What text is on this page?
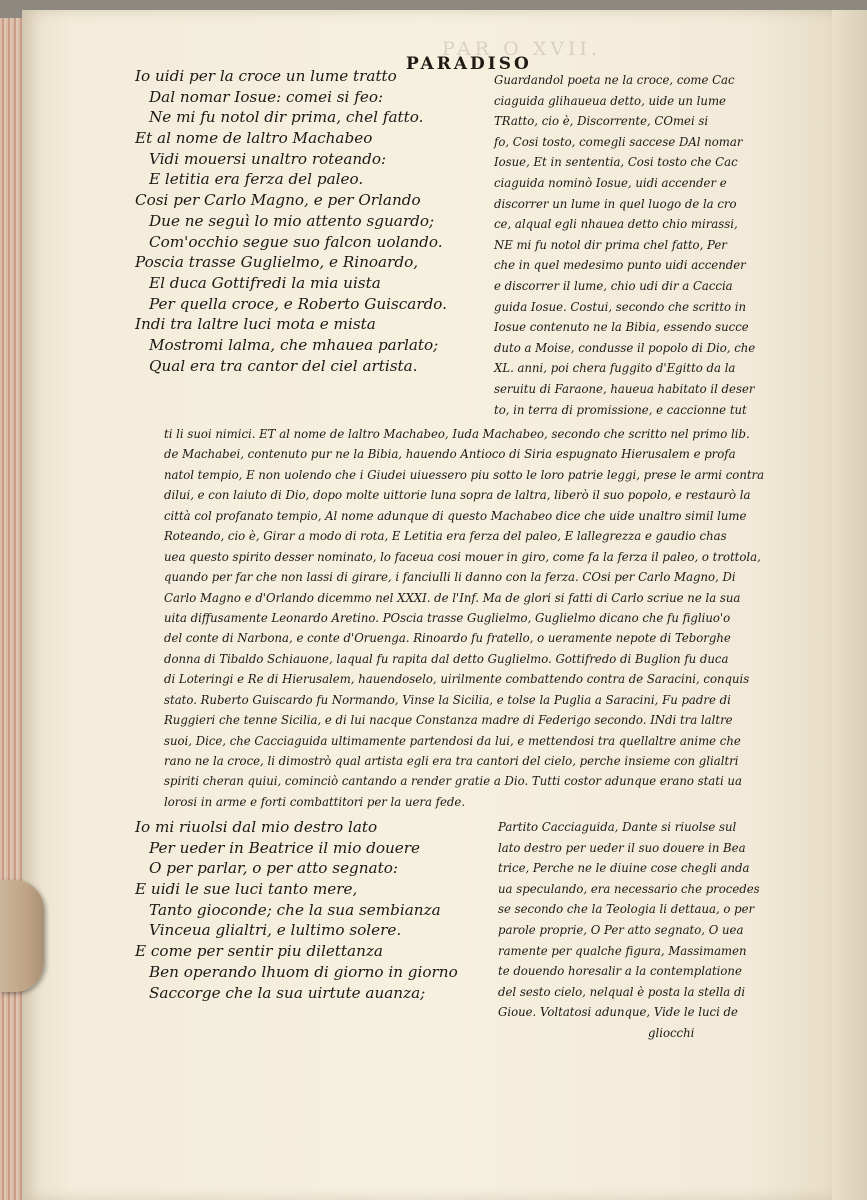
PAR O XVII.
PARADISO
Io uidi per la croce un lume tratto
Dal nomar Iosue: comei si feo:
Ne mi fu notol dir prima, chel fatto.
Et al nome de laltro Machabeo
Vidi mouersi unaltro roteando:
E letitia era ferza del paleo.
Cosi per Carlo Magno, e per Orlando
Due ne seguì lo mio attento sguardo;
Com'occhio segue suo falcon uolando.
Poscia trasse Guglielmo, e Rinoardo,
El duca Gottifredi la mia uista
Per quella croce, e Roberto Guiscardo.
Indi tra laltre luci mota e mista
Mostromi lalma, che mhauea parlato;
Qual era tra cantor del ciel artista.
Guardandol poeta ne la croce, come Cac
ciaguida glihaueua detto, uide un lume
TRatto, cio è, Discorrente, COmei si
fo, Cosi tosto, comegli saccese DAl nomar
Iosue, Et in sententia, Cosi tosto che Cac
ciaguida nominò Iosue, uidi accender e
discorrer un lume in quel luogo de la cro
ce, alqual egli nhauea detto chio mirassi,
NE mi fu notol dir prima chel fatto, Per
che in quel medesimo punto uidi accender
e discorrer il lume, chio udi dir a Caccia
guida Iosue. Costui, secondo che scritto in
Iosue contenuto ne la Bibia, essendo succe
duto a Moise, condusse il popolo di Dio, che
XL. anni, poi chera fuggito d'Egitto da la
seruitu di Faraone, haueua habitato il deser
to, in terra di promissione, e caccionne tut
ti li suoi nimici. ET al nome de laltro Machabeo, Iuda Machabeo, secondo che scritto nel primo lib.
de Machabei, contenuto pur ne la Bibia, hauendo Antioco di Siria espugnato Hierusalem e profa
natol tempio, E non uolendo che i Giudei uiuessero piu sotto le loro patrie leggi, prese le armi contra
dilui, e con laiuto di Dio, dopo molte uittorie luna sopra de laltra, liberò il suo popolo, e restaurò la
città col profanato tempio, Al nome adunque di questo Machabeo dice che uide unaltro simil lume
Roteando, cio è, Girar a modo di rota, E Letitia era ferza del paleo, E lallegrezza e gaudio chas
uea questo spirito desser nominato, lo faceua cosi mouer in giro, come fa la ferza il paleo, o trottola,
quando per far che non lassi di girare, i fanciulli li danno con la ferza. COsi per Carlo Magno, Di
Carlo Magno e d'Orlando dicemmo nel XXXI. de l'Inf. Ma de glori si fatti di Carlo scriue ne la sua
uita diffusamente Leonardo Aretino. POscia trasse Guglielmo, Guglielmo dicano che fu figliuo'o
del conte di Narbona, e conte d'Oruenga. Rinoardo fu fratello, o ueramente nepote di Teborghe
donna di Tibaldo Schiauone, laqual fu rapita dal detto Guglielmo. Gottifredo di Buglion fu duca
di Loteringi e Re di Hierusalem, hauendoselo, uirilmente combattendo contra de Saracini, conquis
stato. Ruberto Guiscardo fu Normando, Vinse la Sicilia, e tolse la Puglia a Saracini, Fu padre di
Ruggieri che tenne Sicilia, e di lui nacque Constanza madre di Federigo secondo. INdi tra laltre
suoi, Dice, che Cacciaguida ultimamente partendosi da lui, e mettendosi tra quellaltre anime che
rano ne la croce, li dimostrò qual artista egli era tra cantori del cielo, perche insieme con glialtri
spiriti cheran quiui, cominciò cantando a render gratie a Dio. Tutti costor adunque erano stati ua
lorosi in arme e forti combattitori per la uera fede.
Io mi riuolsi dal mio destro lato
Per ueder in Beatrice il mio douere
O per parlar, o per atto segnato:
E uidi le sue luci tanto mere,
Tanto gioconde; che la sua sembianza
Vinceua glialtri, e lultimo solere.
E come per sentir piu dilettanza
Ben operando lhuom di giorno in giorno
Saccorge che la sua uirtute auanza;
Partito Cacciaguida, Dante si riuolse sul
lato destro per ueder il suo douere in Bea
trice, Perche ne le diuine cose chegli anda
ua speculando, era necessario che procedes
se secondo che la Teologia li dettaua, o per
parole proprie, O Per atto segnato, O uea
ramente per qualche figura, Massimamen
te douendo horesalir a la contemplatione
del sesto cielo, nelqual è posta la stella di
Gioue. Voltatosi adunque, Vide le luci de
gliocchi
